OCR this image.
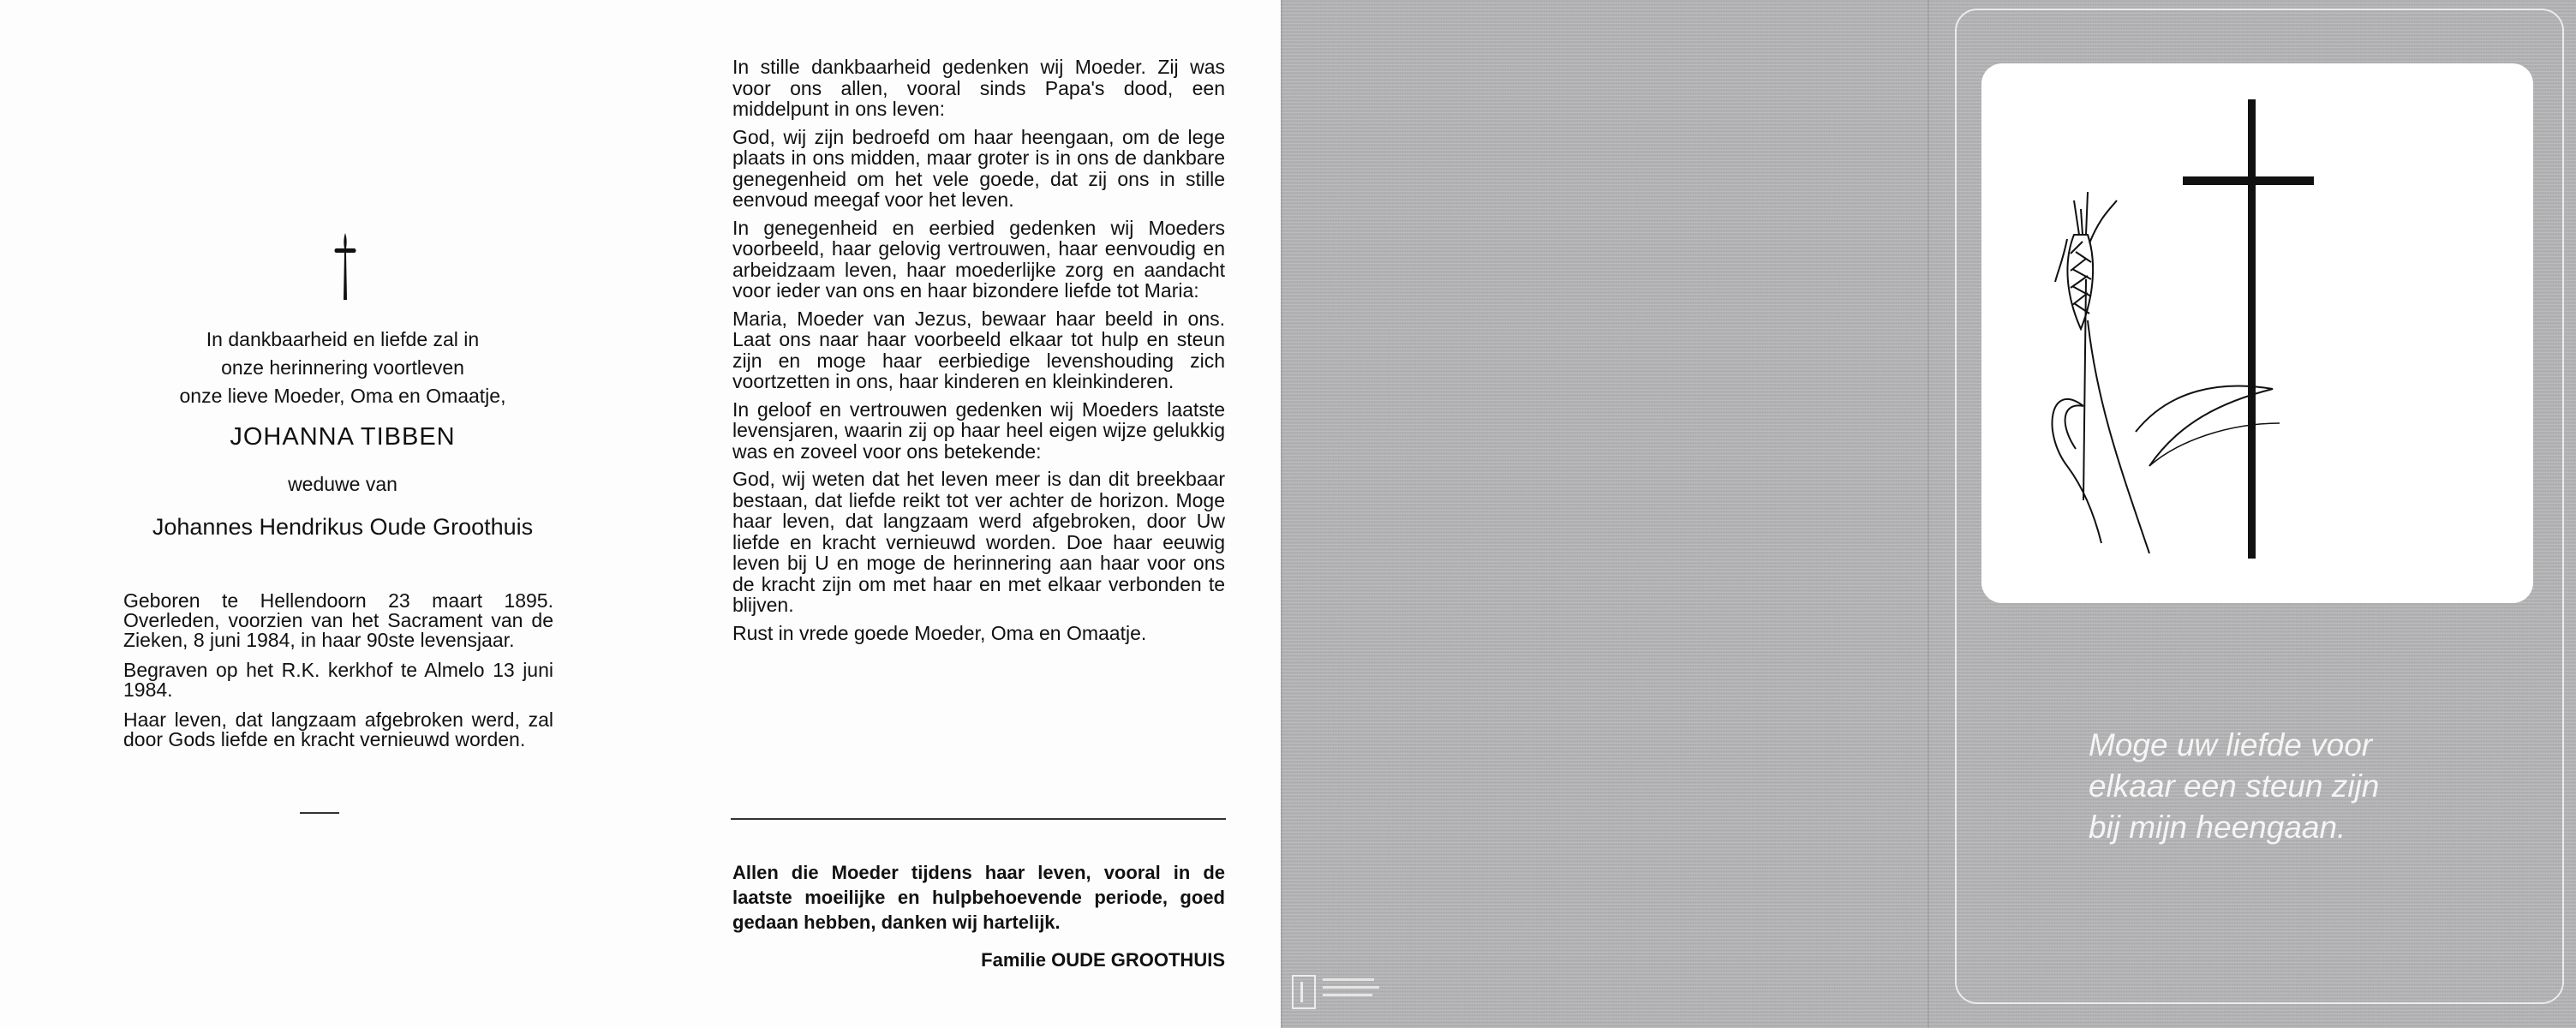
In dankbaarheid en liefde zal in
onze herinnering voortleven
onze lieve Moeder, Oma en Omaatje,
JOHANNA TIBBEN
weduwe van
Johannes Hendrikus Oude Groothuis

Geboren te Hellendoorn 23 maart 1895. Overleden, voorzien van het Sacrament van de Zieken, 8 juni 1984, in haar 90ste levensjaar.

Begraven op het R.K. kerkhof te Almelo 13 juni 1984.

Haar leven, dat langzaam afgebroken werd, zal door Gods liefde en kracht vernieuwd worden.

In stille dankbaarheid gedenken wij Moeder. Zij was voor ons allen, vooral sinds Papa's dood, een middelpunt in ons leven:

God, wij zijn bedroefd om haar heengaan, om de lege plaats in ons midden, maar groter is in ons de dankbare genegenheid om het vele goede, dat zij ons in stille eenvoud meegaf voor het leven.

In genegenheid en eerbied gedenken wij Moeders voorbeeld, haar gelovig vertrouwen, haar eenvoudig en arbeidzaam leven, haar moederlijke zorg en aandacht voor ieder van ons en haar bizondere liefde tot Maria:

Maria, Moeder van Jezus, bewaar haar beeld in ons. Laat ons naar haar voorbeeld elkaar tot hulp en steun zijn en moge haar eerbiedige levenshouding zich voortzetten in ons, haar kinderen en kleinkinderen.

In geloof en vertrouwen gedenken wij Moeders laatste levensjaren, waarin zij op haar heel eigen wijze gelukkig was en zoveel voor ons betekende:

God, wij weten dat het leven meer is dan dit breekbaar bestaan, dat liefde reikt tot ver achter de horizon. Moge haar leven, dat langzaam werd afgebroken, door Uw liefde en kracht vernieuwd worden. Doe haar eeuwig leven bij U en moge de herinnering aan haar voor ons de kracht zijn om met haar en met elkaar verbonden te blijven.

Rust in vrede goede Moeder, Oma en Omaatje.

Allen die Moeder tijdens haar leven, vooral in de laatste moeilijke en hulpbehoevende periode, goed gedaan hebben, danken wij hartelijk.
Familie OUDE GROOTHUIS
Moge uw liefde voor
elkaar een steun zijn
bij mijn heengaan.
